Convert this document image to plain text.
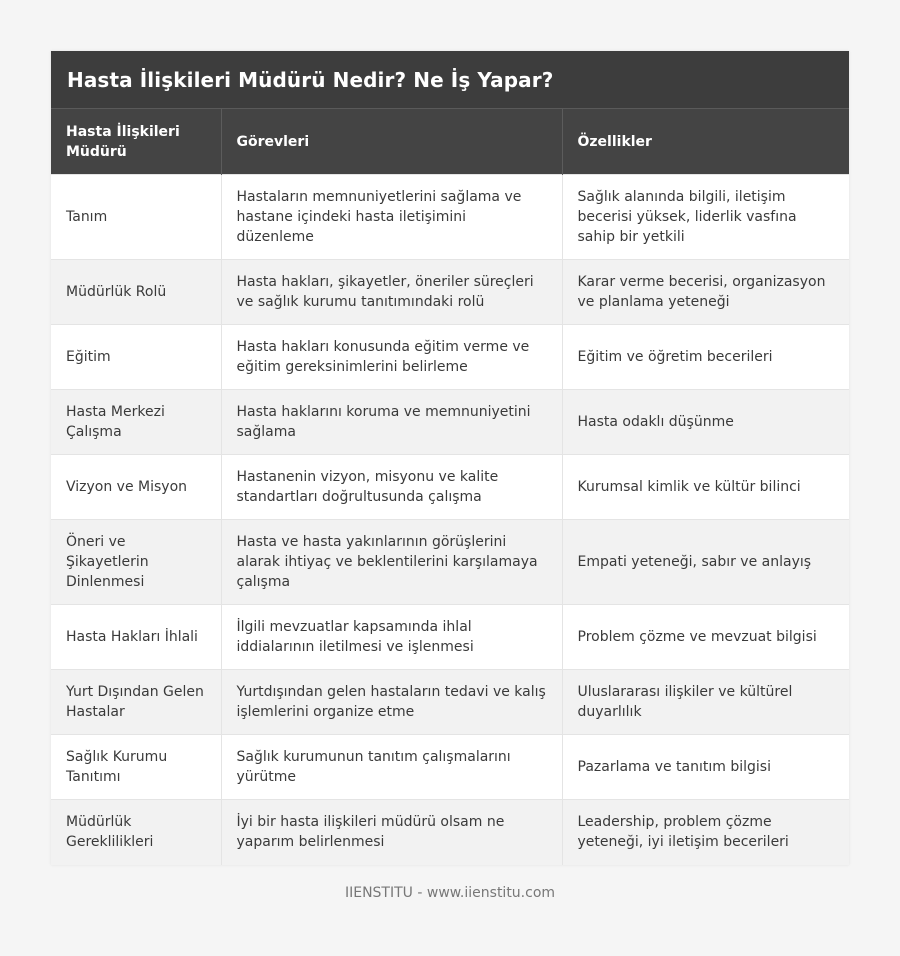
Hasta İlişkileri Müdürü Nedir? Ne İş Yapar?
Hasta İlişkileri Müdürü	Görevleri	Özellikler
Tanım	Hastaların memnuniyetlerini sağlama ve hastane içindeki hasta iletişimini düzenleme	Sağlık alanında bilgili, iletişim becerisi yüksek, liderlik vasfına sahip bir yetkili
Müdürlük Rolü	Hasta hakları, şikayetler, öneriler süreçleri ve sağlık kurumu tanıtımındaki rolü	Karar verme becerisi, organizasyon ve planlama yeteneği
Eğitim	Hasta hakları konusunda eğitim verme ve eğitim gereksinimlerini belirleme	Eğitim ve öğretim becerileri
Hasta Merkezi Çalışma	Hasta haklarını koruma ve memnuniyetini sağlama	Hasta odaklı düşünme
Vizyon ve Misyon	Hastanenin vizyon, misyonu ve kalite standartları doğrultusunda çalışma	Kurumsal kimlik ve kültür bilinci
Öneri ve Şikayetlerin Dinlenmesi	Hasta ve hasta yakınlarının görüşlerini alarak ihtiyaç ve beklentilerini karşılamaya çalışma	Empati yeteneği, sabır ve anlayış
Hasta Hakları İhlali	İlgili mevzuatlar kapsamında ihlal iddialarının iletilmesi ve işlenmesi	Problem çözme ve mevzuat bilgisi
Yurt Dışından Gelen Hastalar	Yurtdışından gelen hastaların tedavi ve kalış işlemlerini organize etme	Uluslararası ilişkiler ve kültürel duyarlılık
Sağlık Kurumu Tanıtımı	Sağlık kurumunun tanıtım çalışmalarını yürütme	Pazarlama ve tanıtım bilgisi
Müdürlük Gereklilikleri	İyi bir hasta ilişkileri müdürü olsam ne yaparım belirlenmesi	Leadership, problem çözme yeteneği, iyi iletişim becerileri
IIENSTITU - www.iienstitu.com
